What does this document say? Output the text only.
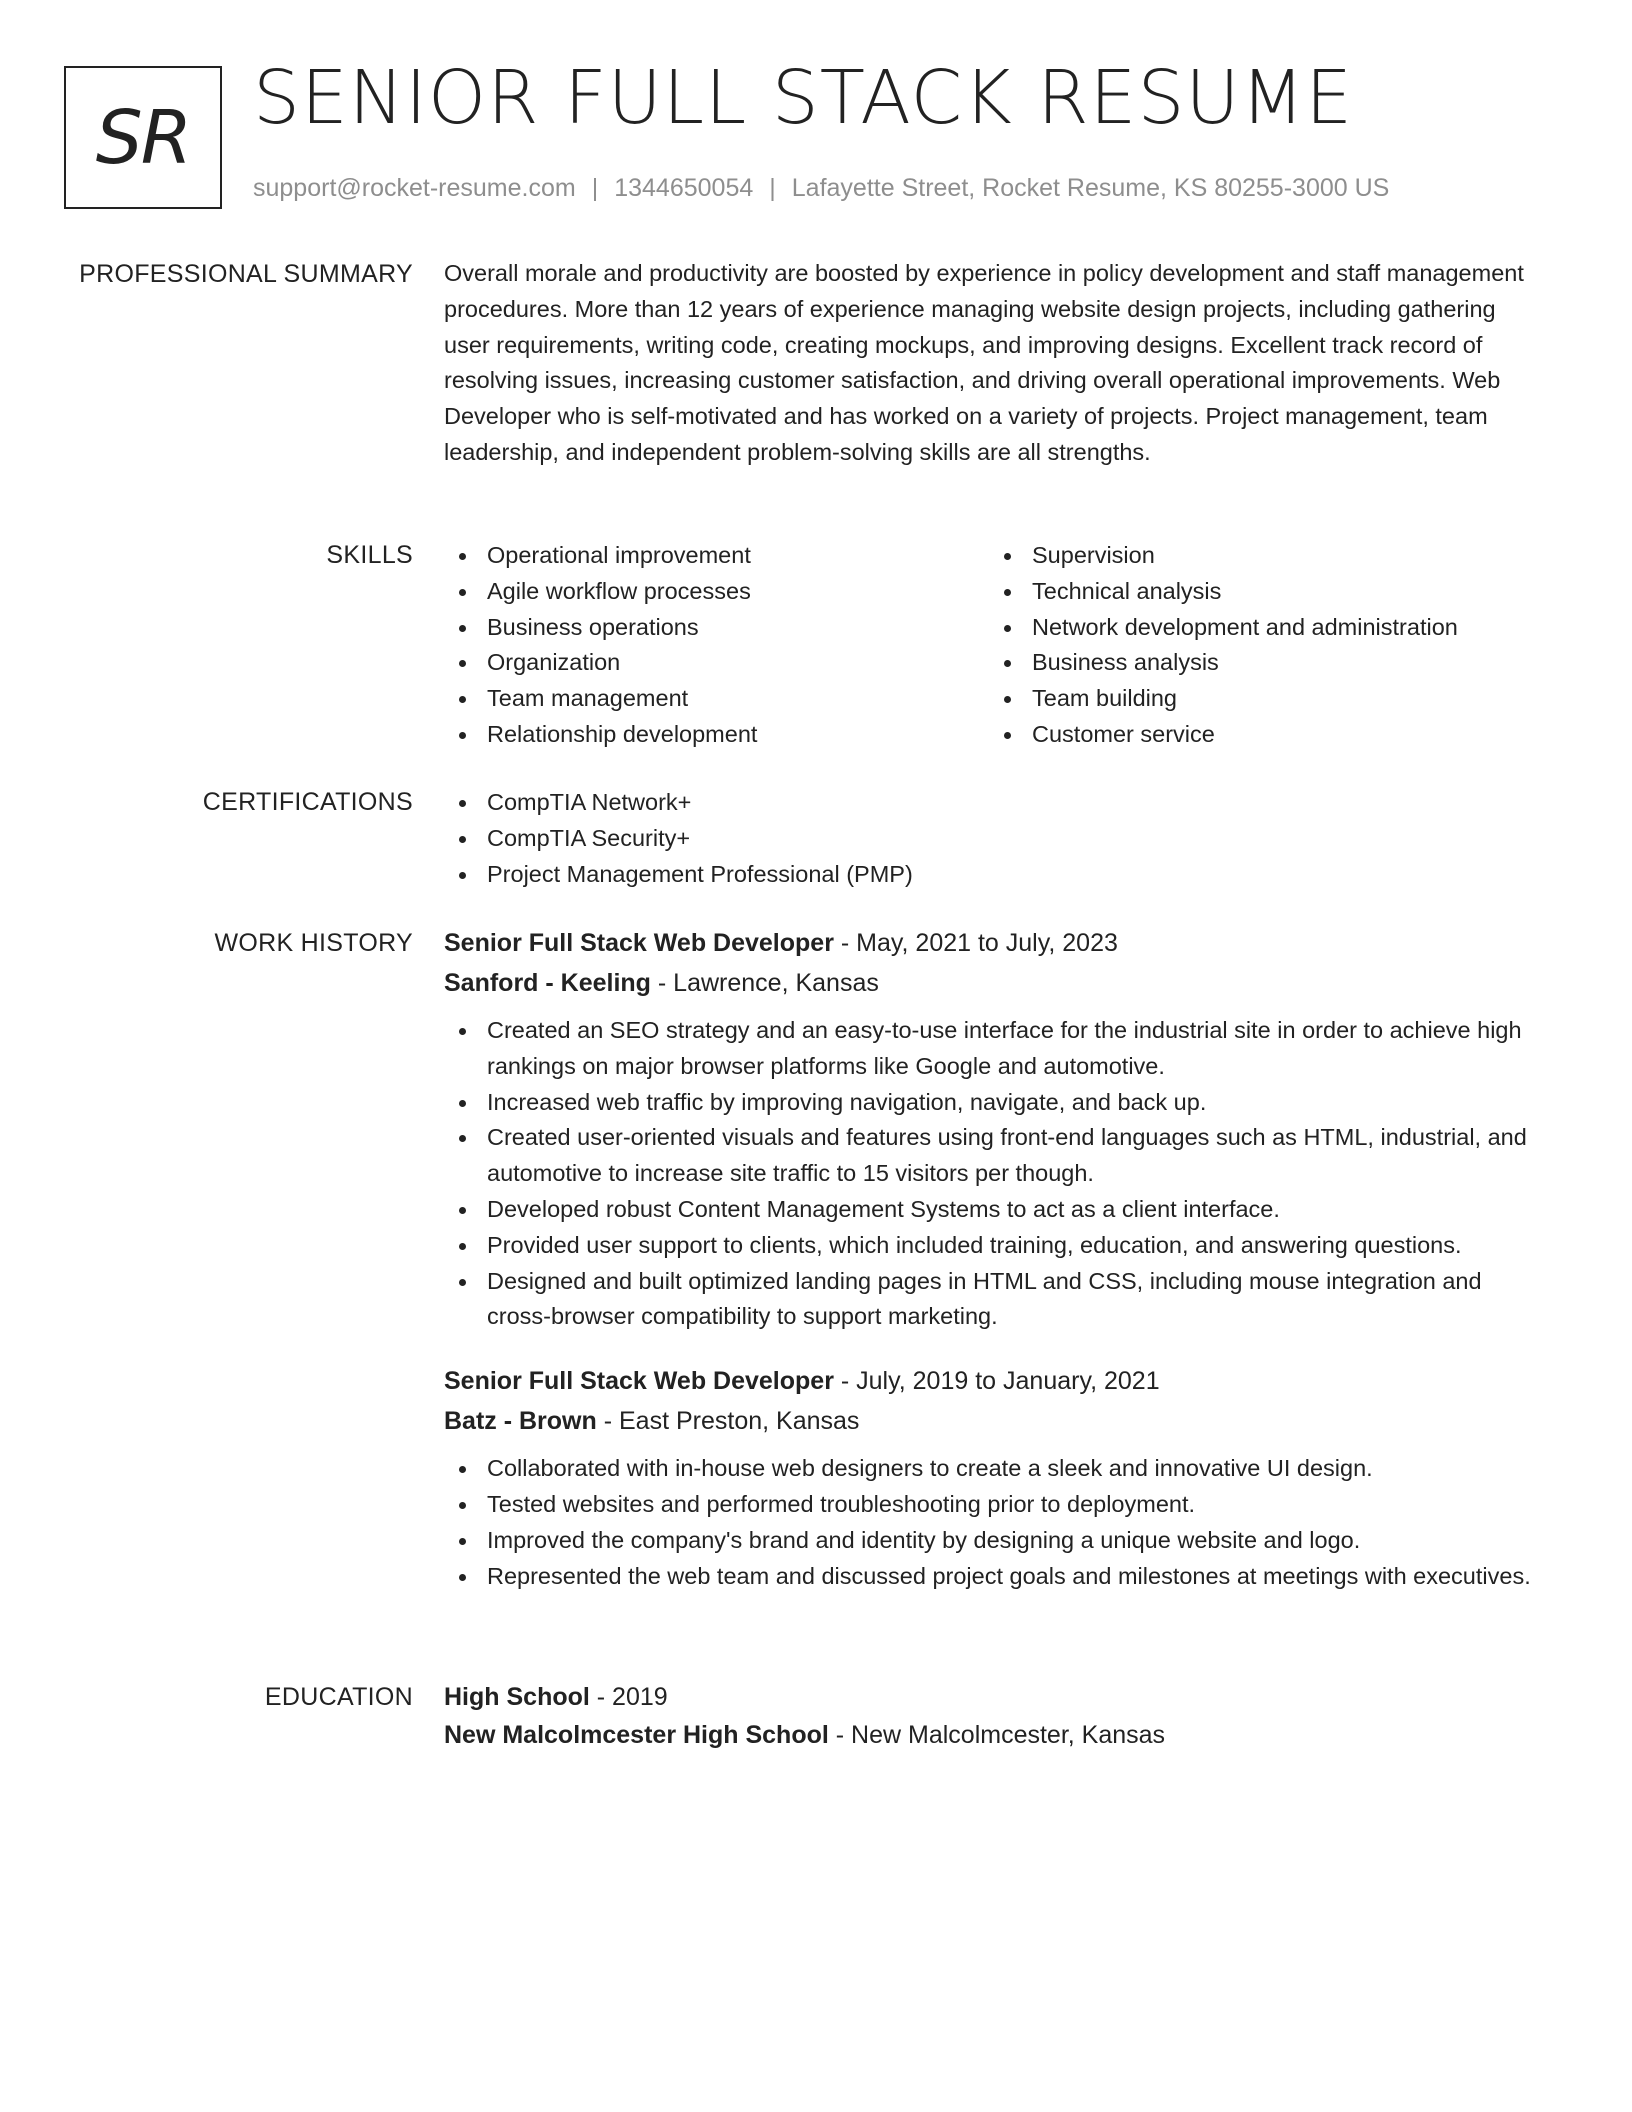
SR SENIOR FULL STACK RESUME
support@rocket-resume.com | 1344650054 | Lafayette Street, Rocket Resume, KS 80255-3000 US
PROFESSIONAL SUMMARY Overall morale and productivity are boosted by experience in policy development and staff management procedures. More than 12 years of experience managing website design projects, including gathering user requirements, writing code, creating mockups, and improving designs. Excellent track record of resolving issues, increasing customer satisfaction, and driving overall operational improvements. Web Developer who is self-motivated and has worked on a variety of projects. Project management, team leadership, and independent problem-solving skills are all strengths.
SKILLS	Operational improvement
Agile workflow processes
Business operations
Organization
Team management
Relationship development
Supervision
Technical analysis
Network development and administration
Business analysis
Team building
Customer service
CERTIFICATIONS	CompTIA Network+
CompTIA Security+
Project Management Professional (PMP)
WORK HISTORY Senior Full Stack Web Developer - May, 2021 to July, 2023
Sanford - Keeling - Lawrence, Kansas
Created an SEO strategy and an easy-to-use interface for the industrial site in order to achieve high rankings on major browser platforms like Google and automotive.
Increased web traffic by improving navigation, navigate, and back up.
Created user-oriented visuals and features using front-end languages such as HTML, industrial, and automotive to increase site traffic to 15 visitors per though.
Developed robust Content Management Systems to act as a client interface.
Provided user support to clients, which included training, education, and answering questions.
Designed and built optimized landing pages in HTML and CSS, including mouse integration and cross-browser compatibility to support marketing.
Senior Full Stack Web Developer - July, 2019 to January, 2021
Batz - Brown - East Preston, Kansas
Collaborated with in-house web designers to create a sleek and innovative UI design.
Tested websites and performed troubleshooting prior to deployment.
Improved the company's brand and identity by designing a unique website and logo.
Represented the web team and discussed project goals and milestones at meetings with executives.
EDUCATION High School - 2019
New Malcolmcester High School - New Malcolmcester, Kansas
